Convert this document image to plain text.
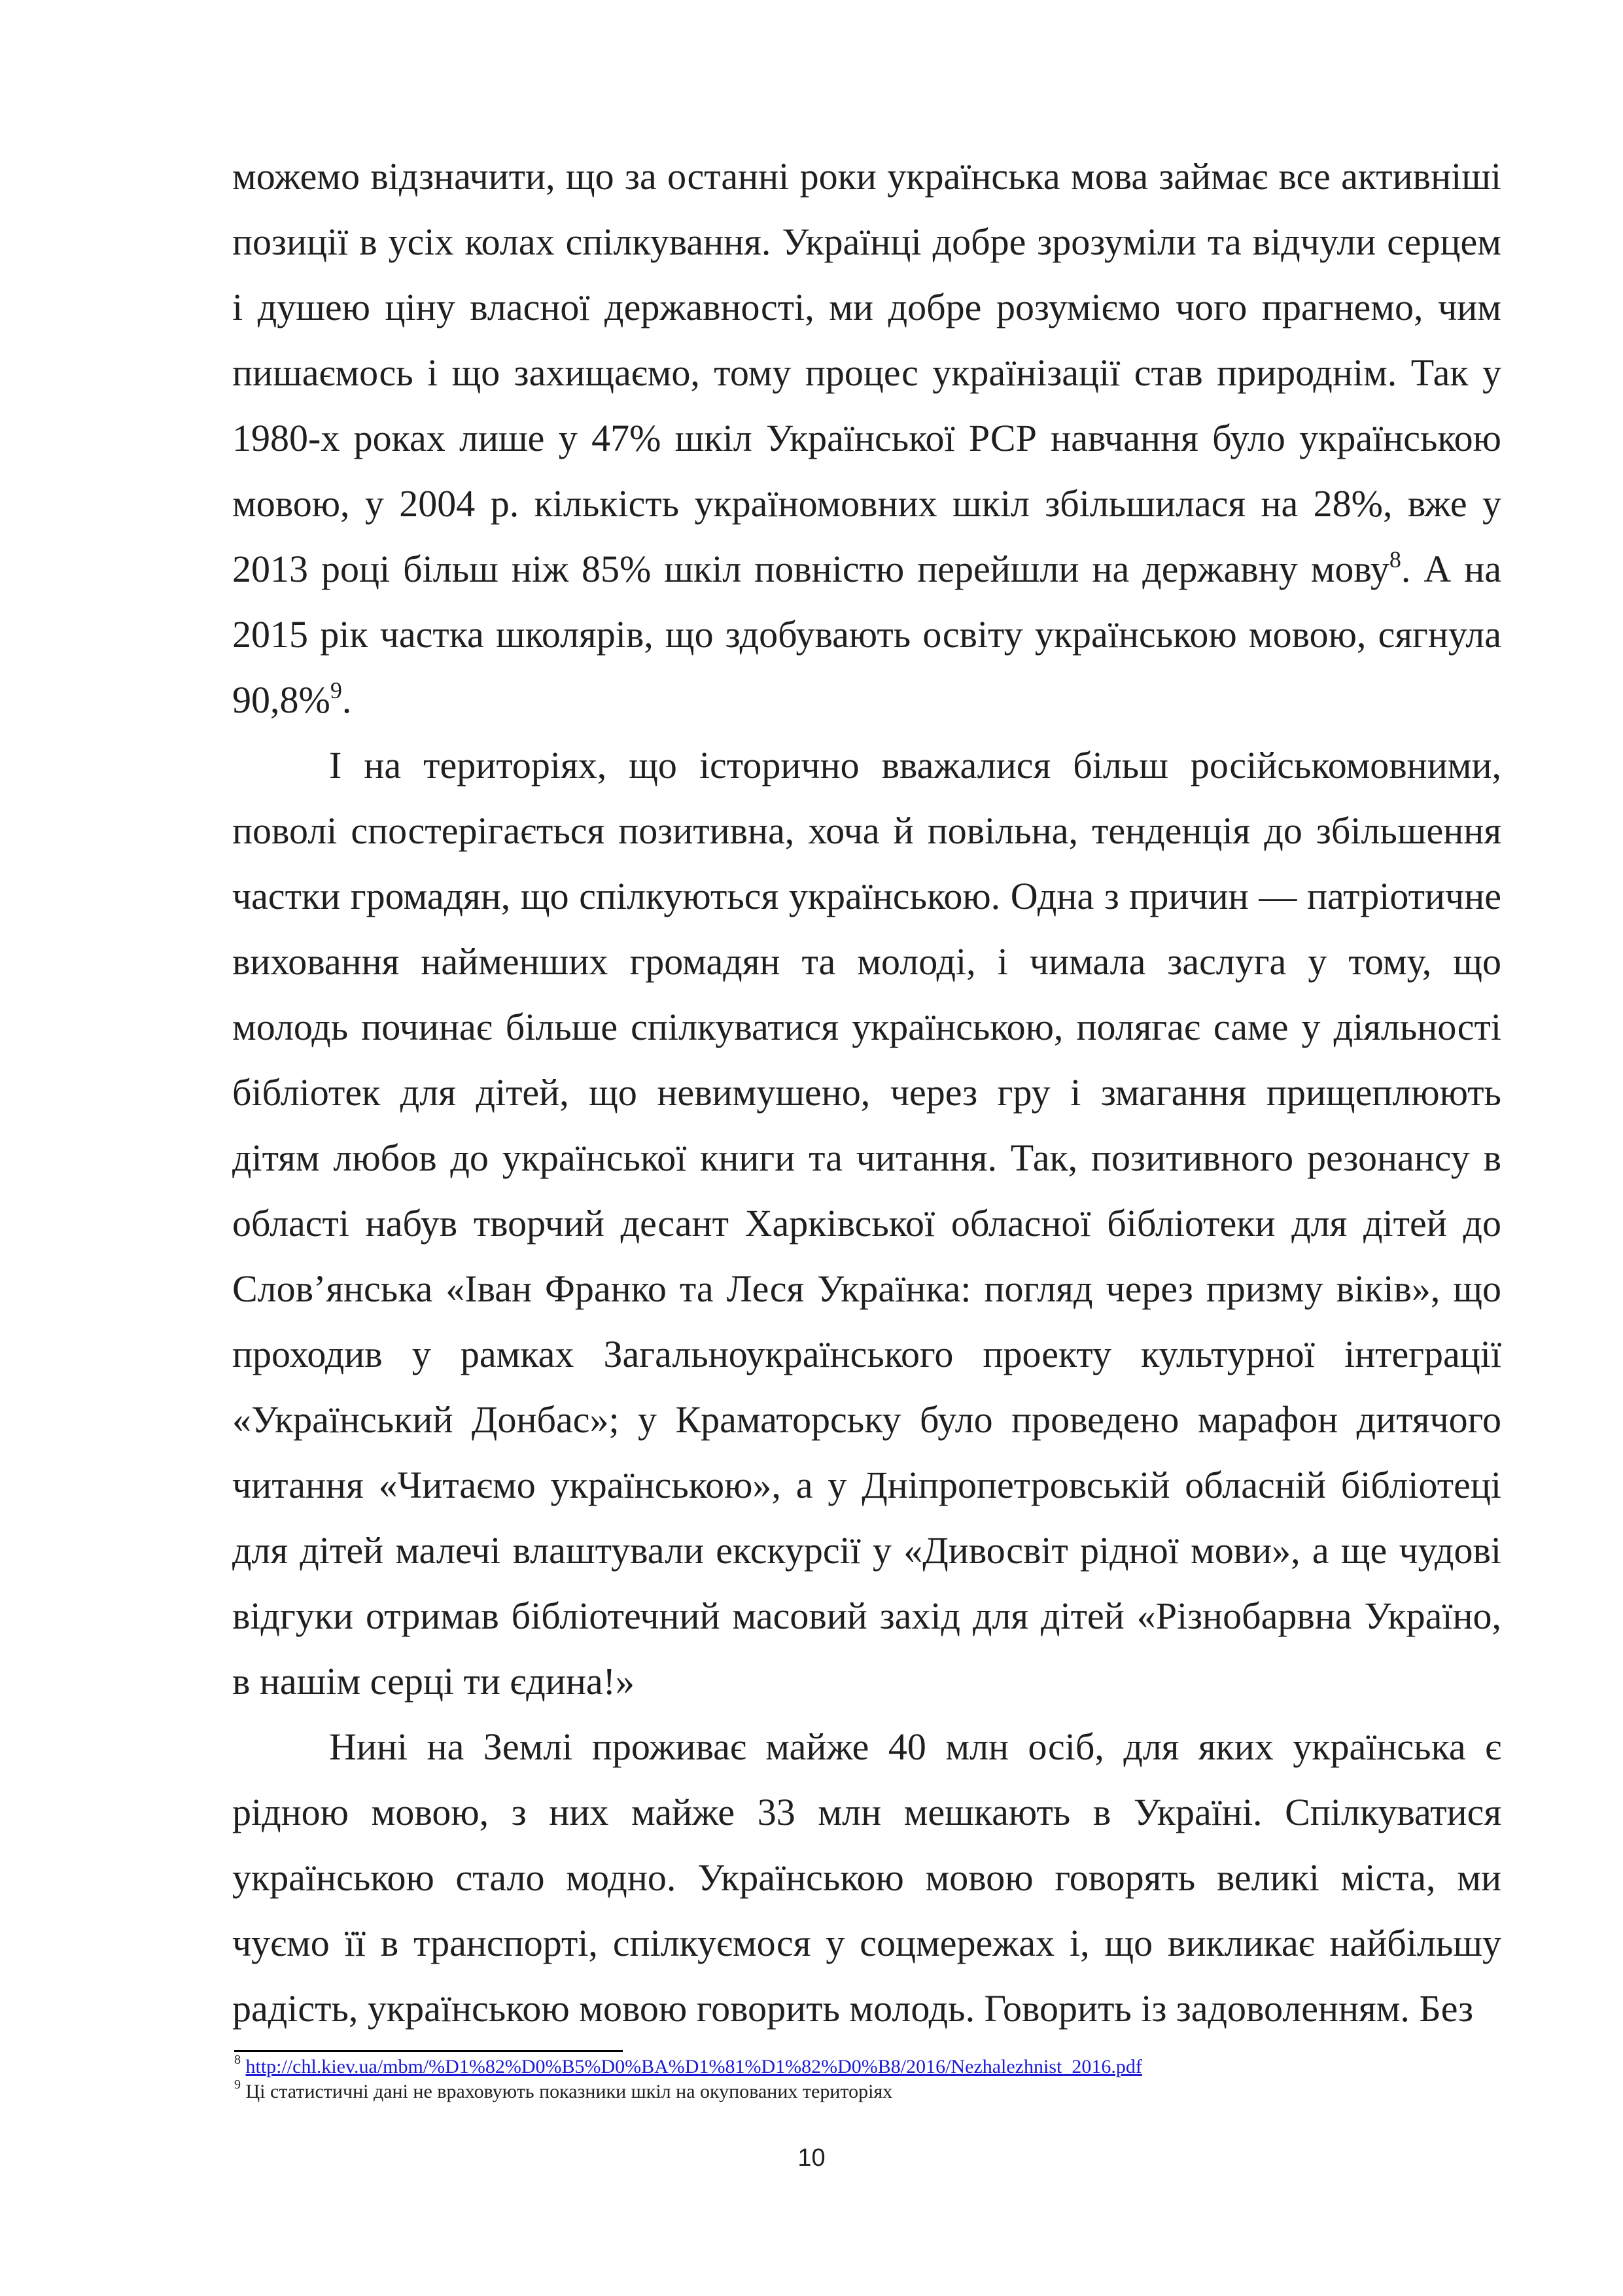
можемо відзначити, що за останні роки українська мова займає все активніші позиції в усіх колах спілкування. Українці добре зрозуміли та відчули серцем і душею ціну власної державності, ми добре розуміємо чого прагнемо, чим пишаємось і що захищаємо, тому процес українізації став природнім. Так у 1980-х роках лише у 47% шкіл Української РСР навчання було українською мовою, у 2004 р. кількість україномовних шкіл збільшилася на 28%, вже у 2013 році більш ніж 85% шкіл повністю перейшли на державну мову$^8$. А на 2015 рік частка школярів, що здобувають освіту українською мовою, сягнула 90,8%$^9$.

І на територіях, що історично вважалися більш російськомовними, поволі спостерігається позитивна, хоча й повільна, тенденція до збільшення частки громадян, що спілкуються українською. Одна з причин — патріотичне виховання найменших громадян та молоді, і чимала заслуга у тому, що молодь починає більше спілкуватися українською, полягає саме у діяльності бібліотек для дітей, що невимушено, через гру і змагання прищеплюють дітям любов до української книги та читання. Так, позитивного резонансу в області набув творчий десант Харківської обласної бібліотеки для дітей до Слов’янська «Іван Франко та Леся Українка: погляд через призму віків», що проходив у рамках Загальноукраїнського проекту культурної інтеграції «Український Донбас»; у Краматорську було проведено марафон дитячого читання «Читаємо українською», а у Дніпропетровській обласній бібліотеці для дітей малечі влаштували екскурсії у «Дивосвіт рідної мови», а ще чудові відгуки отримав бібліотечний масовий захід для дітей «Різнобарвна Україно, в нашім серці ти єдина!»

Нині на Землі проживає майже 40 млн осіб, для яких українська є рідною мовою, з них майже 33 млн мешкають в Україні. Спілкуватися українською стало модно. Українською мовою говорять великі міста, ми чуємо її в транспорті, спілкуємося у соцмережах і, що викликає найбільшу радість, українською мовою говорить молодь. Говорить із задоволенням. Без

$^8$ http://chl.kiev.ua/mbm/%D1%82%D0%B5%D0%BA%D1%81%D1%82%D0%B8/2016/Nezhalezhnist_2016.pdf
$^9$ Ці статистичні дані не враховують показники шкіл на окупованих територіях
10
